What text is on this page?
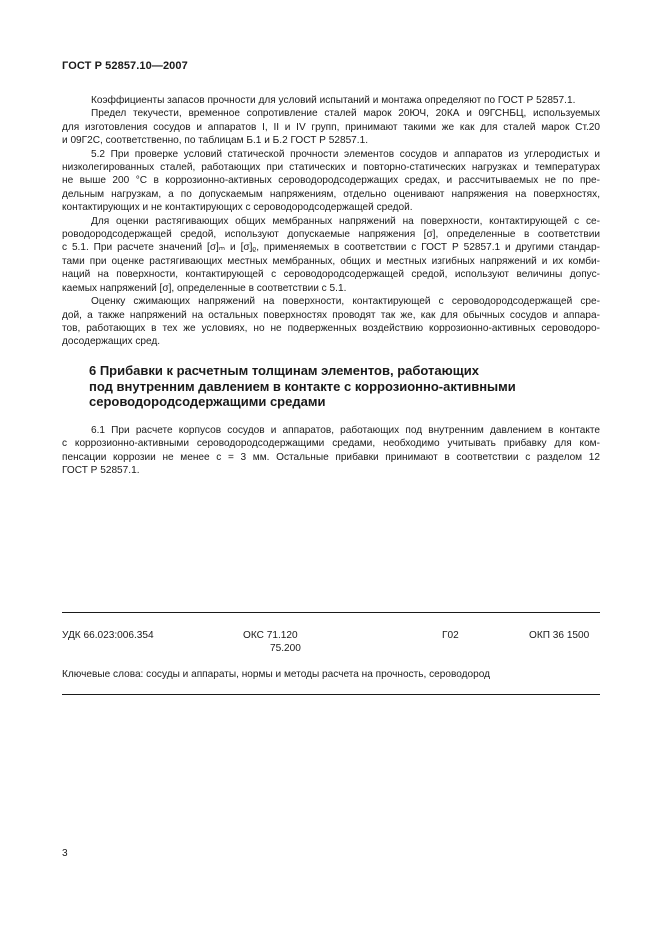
ГОСТ Р 52857.10—2007

Коэффициенты запасов прочности для условий испытаний и монтажа определяют по ГОСТ Р 52857.1.

Предел текучести, временное сопротивление сталей марок 20ЮЧ, 20КА и 09ГСНБЦ, используемых
для изготовления сосудов и аппаратов I, II и IV групп, принимают такими же как для сталей марок Ст.20
и 09Г2С, соответственно, по таблицам Б.1 и Б.2 ГОСТ Р 52857.1.

5.2 При проверке условий статической прочности элементов сосудов и аппаратов из углеродистых и
низколегированных сталей, работающих при статических и повторно-статических нагрузках и температурах
не выше 200 °С в коррозионно-активных сероводородсодержащих средах, и рассчитываемых не по пре-
дельным нагрузкам, а по допускаемым напряжениям, отдельно оценивают напряжения на поверхностях,
контактирующих и не контактирующих с сероводородсодержащей средой.

Для оценки растягивающих общих мембранных напряжений на поверхности, контактирующей с се-
роводородсодержащей средой, используют допускаемые напряжения [σ], определенные в соответствии
с 5.1. При расчете значений [σ]ₘ и [σ]ᵨ, применяемых в соответствии с ГОСТ Р 52857.1 и другими стандар-
тами при оценке растягивающих местных мембранных, общих и местных изгибных напряжений и их комби-
наций на поверхности, контактирующей с сероводородсодержащей средой, используют величины допус-
каемых напряжений [σ], определенные в соответствии с 5.1.

Оценку сжимающих напряжений на поверхности, контактирующей с сероводородсодержащей сре-
дой, а также напряжений на остальных поверхностях проводят так же, как для обычных сосудов и аппара-
тов, работающих в тех же условиях, но не подверженных воздействию коррозионно-активных сероводоро-
досодержащих сред.

6 Прибавки к расчетным толщинам элементов, работающих
под внутренним давлением в контакте с коррозионно-активными
сероводородсодержащими средами

6.1 При расчете корпусов сосудов и аппаратов, работающих под внутренним давлением в контакте
с коррозионно-активными сероводородсодержащими средами, необходимо учитывать прибавку для ком-
пенсации коррозии не менее с = 3 мм. Остальные прибавки принимают в соответствии с разделом 12
ГОСТ Р 52857.1.

УДК 66.023:006.354	ОКС 71.120
75.200
Г02	ОКП 36 1500
Ключевые слова: сосуды и аппараты, нормы и методы расчета на прочность, сероводород
3
